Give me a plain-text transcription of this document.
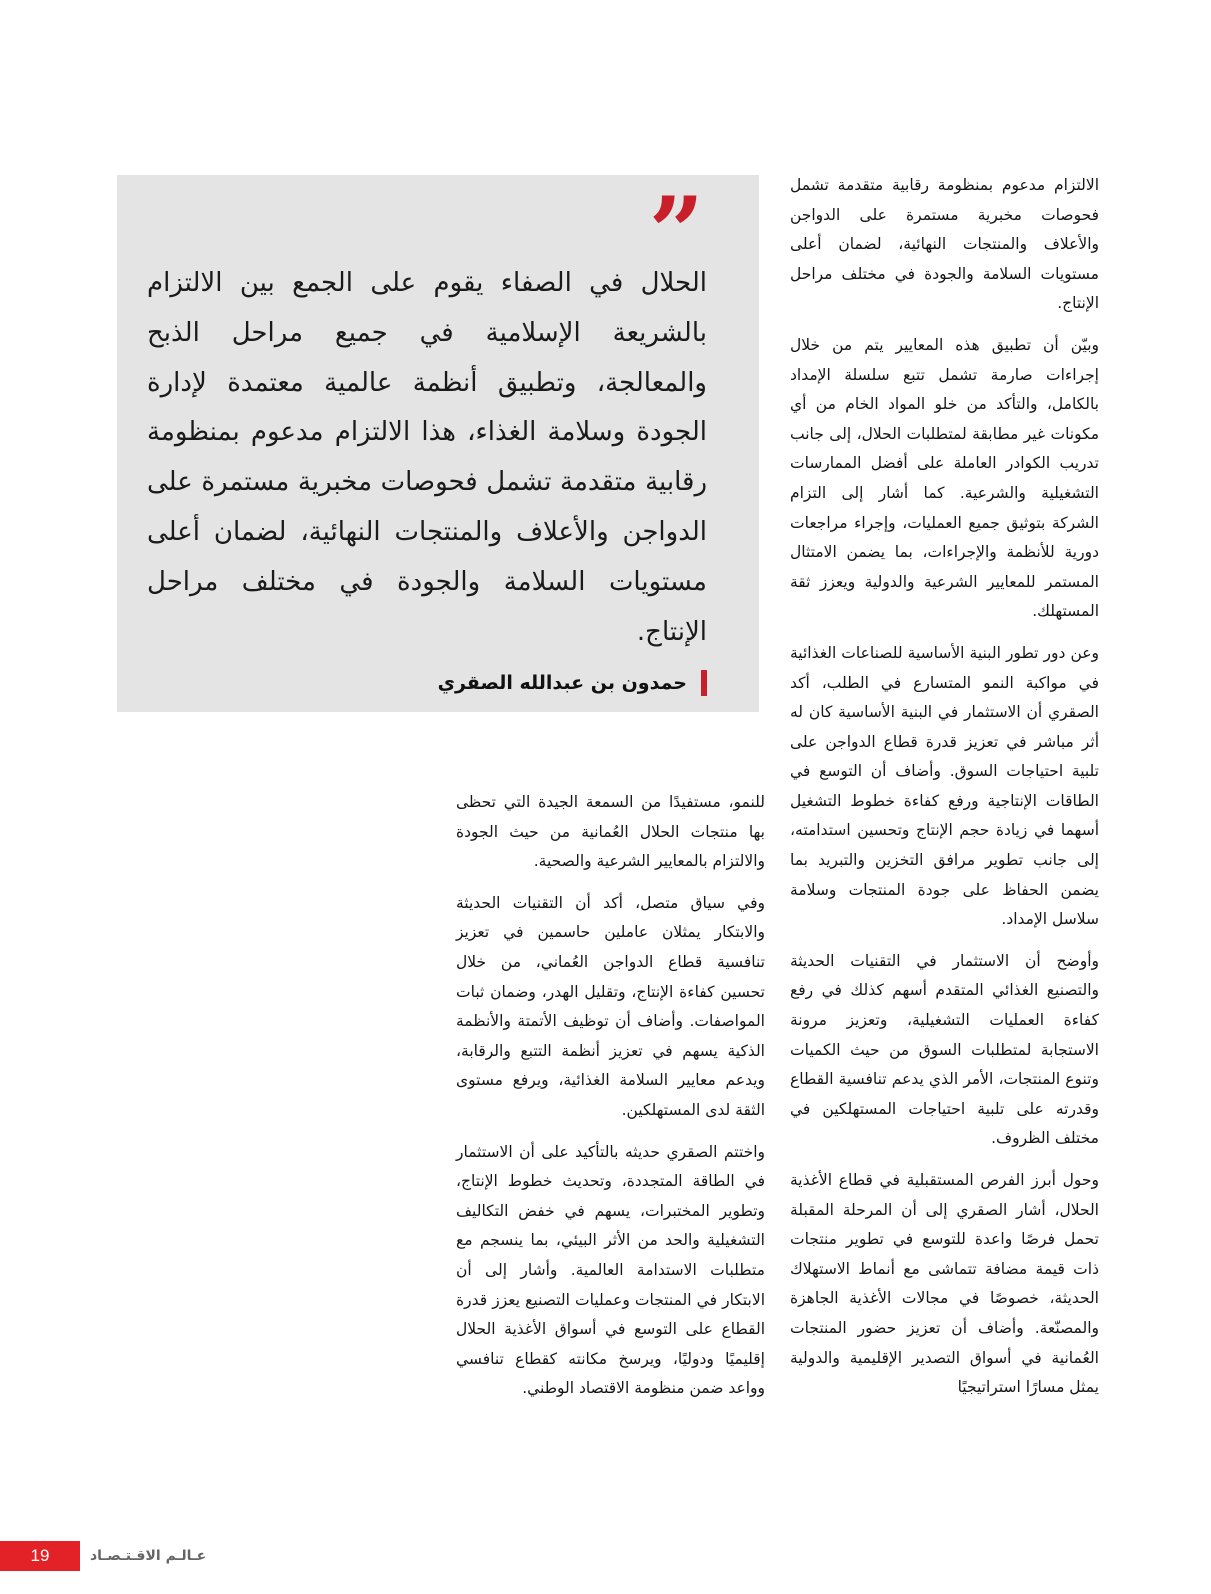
الالتزام مدعوم بمنظومة رقابية متقدمة تشمل فحوصات مخبرية مستمرة على الدواجن والأعلاف والمنتجات النهائية، لضمان أعلى مستويات السلامة والجودة في مختلف مراحل الإنتاج.

وبيّن أن تطبيق هذه المعايير يتم من خلال إجراءات صارمة تشمل تتبع سلسلة الإمداد بالكامل، والتأكد من خلو المواد الخام من أي مكونات غير مطابقة لمتطلبات الحلال، إلى جانب تدريب الكوادر العاملة على أفضل الممارسات التشغيلية والشرعية. كما أشار إلى التزام الشركة بتوثيق جميع العمليات، وإجراء مراجعات دورية للأنظمة والإجراءات، بما يضمن الامتثال المستمر للمعايير الشرعية والدولية ويعزز ثقة المستهلك.

وعن دور تطور البنية الأساسية للصناعات الغذائية في مواكبة النمو المتسارع في الطلب، أكد الصقري أن الاستثمار في البنية الأساسية كان له أثر مباشر في تعزيز قدرة قطاع الدواجن على تلبية احتياجات السوق. وأضاف أن التوسع في الطاقات الإنتاجية ورفع كفاءة خطوط التشغيل أسهما في زيادة حجم الإنتاج وتحسين استدامته، إلى جانب تطوير مرافق التخزين والتبريد بما يضمن الحفاظ على جودة المنتجات وسلامة سلاسل الإمداد.

وأوضح أن الاستثمار في التقنيات الحديثة والتصنيع الغذائي المتقدم أسهم كذلك في رفع كفاءة العمليات التشغيلية، وتعزيز مرونة الاستجابة لمتطلبات السوق من حيث الكميات وتنوع المنتجات، الأمر الذي يدعم تنافسية القطاع وقدرته على تلبية احتياجات المستهلكين في مختلف الظروف.

وحول أبرز الفرص المستقبلية في قطاع الأغذية الحلال، أشار الصقري إلى أن المرحلة المقبلة تحمل فرصًا واعدة للتوسع في تطوير منتجات ذات قيمة مضافة تتماشى مع أنماط الاستهلاك الحديثة، خصوصًا في مجالات الأغذية الجاهزة والمصنّعة. وأضاف أن تعزيز حضور المنتجات العُمانية في أسواق التصدير الإقليمية والدولية يمثل مسارًا استراتيجيًا

”
الحلال في الصفاء يقوم على الجمع بين الالتزام بالشريعة الإسلامية في جميع مراحل الذبح والمعالجة، وتطبيق أنظمة عالمية معتمدة لإدارة الجودة وسلامة الغذاء، هذا الالتزام مدعوم بمنظومة رقابية متقدمة تشمل فحوصات مخبرية مستمرة على الدواجن والأعلاف والمنتجات النهائية، لضمان أعلى مستويات السلامة والجودة في مختلف مراحل الإنتاج.
حمدون بن عبدالله الصقري

للنمو، مستفيدًا من السمعة الجيدة التي تحظى بها منتجات الحلال العُمانية من حيث الجودة والالتزام بالمعايير الشرعية والصحية.

وفي سياق متصل، أكد أن التقنيات الحديثة والابتكار يمثلان عاملين حاسمين في تعزيز تنافسية قطاع الدواجن العُماني، من خلال تحسين كفاءة الإنتاج، وتقليل الهدر، وضمان ثبات المواصفات. وأضاف أن توظيف الأتمتة والأنظمة الذكية يسهم في تعزيز أنظمة التتبع والرقابة، ويدعم معايير السلامة الغذائية، ويرفع مستوى الثقة لدى المستهلكين.

واختتم الصقري حديثه بالتأكيد على أن الاستثمار في الطاقة المتجددة، وتحديث خطوط الإنتاج، وتطوير المختبرات، يسهم في خفض التكاليف التشغيلية والحد من الأثر البيئي، بما ينسجم مع متطلبات الاستدامة العالمية. وأشار إلى أن الابتكار في المنتجات وعمليات التصنيع يعزز قدرة القطاع على التوسع في أسواق الأغذية الحلال إقليميًا ودوليًا، ويرسخ مكانته كقطاع تنافسي وواعد ضمن منظومة الاقتصاد الوطني.

19	عـالـم الاقـتـصـاد
